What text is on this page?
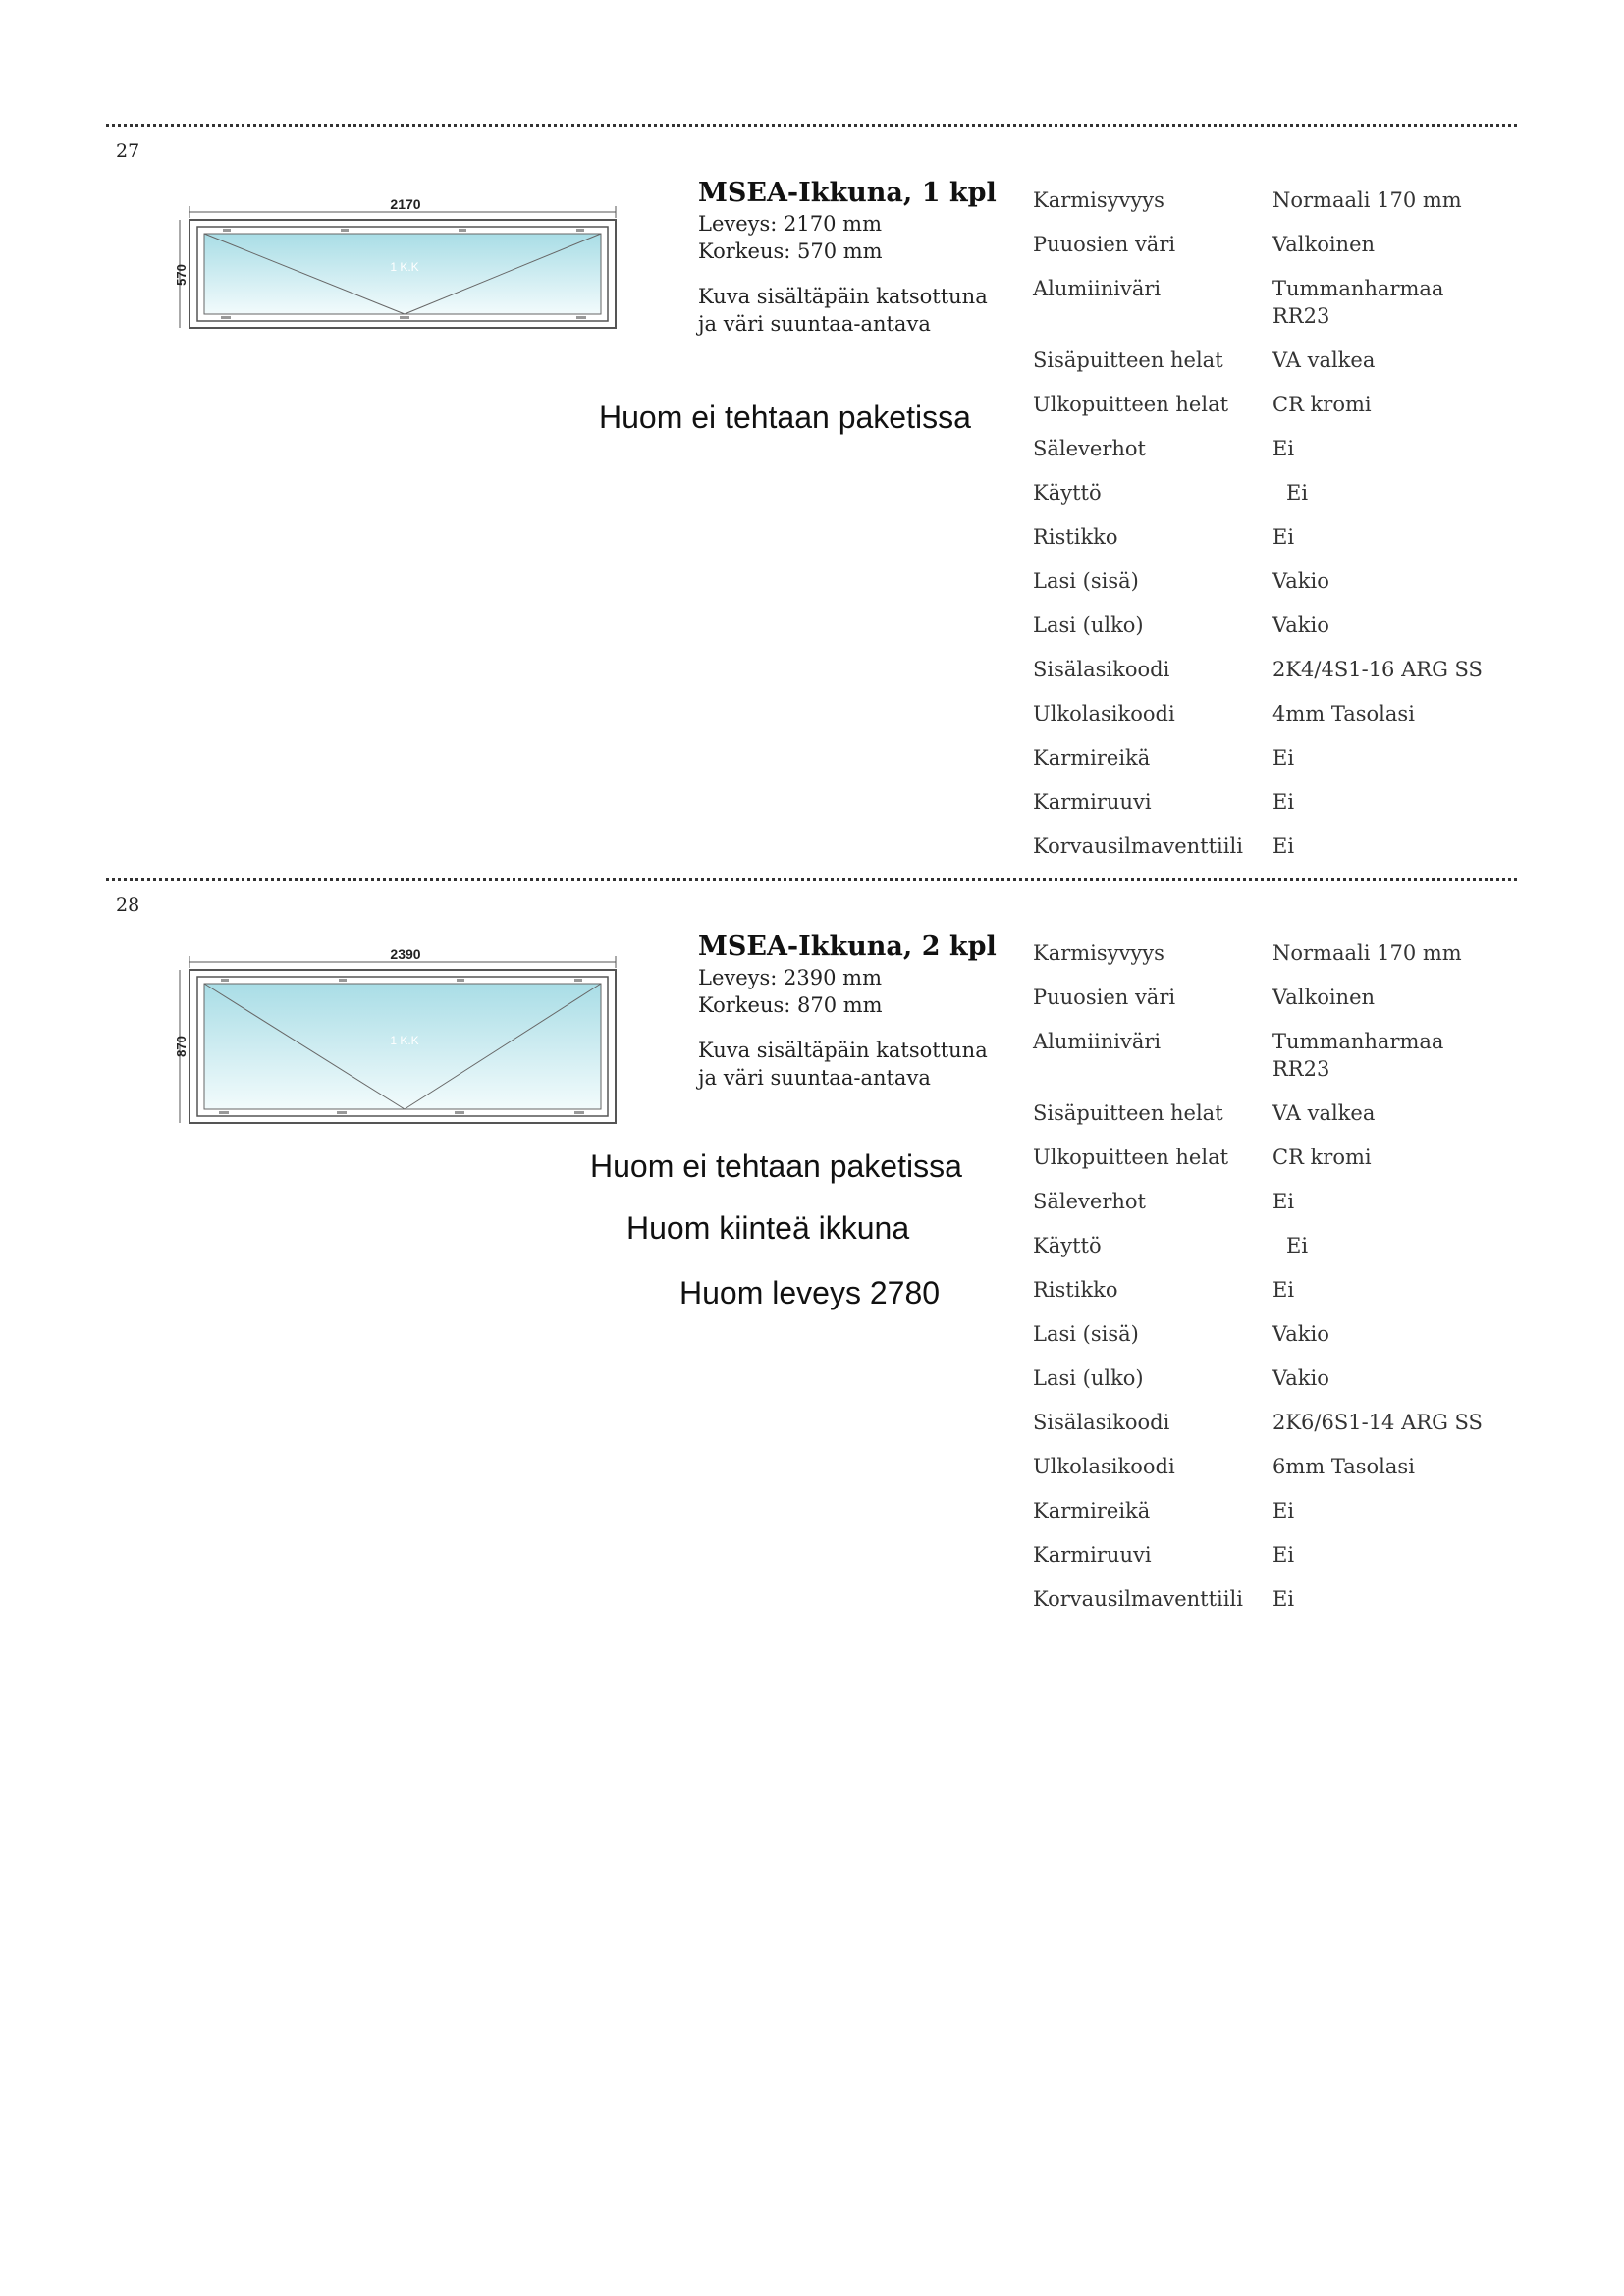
27
2170
570	1 K.K
MSEA-Ikkuna, 1 kpl
Leveys: 2170 mm
Korkeus: 570 mm
Kuva sisältäpäin katsottuna
ja väri suuntaa-antava
Huom ei tehtaan paketissa
Karmisyvyys	Normaali 170 mm
Puuosien väri	Valkoinen
Alumiiniväri	Tummanharmaa RR23
Sisäpuitteen helat	VA valkea
Ulkopuitteen helat	CR kromi
Säleverhot	Ei
Käyttö	Ei
Ristikko	Ei
Lasi (sisä)	Vakio
Lasi (ulko)	Vakio
Sisälasikoodi	2K4/4S1-16 ARG SS
Ulkolasikoodi	4mm Tasolasi
Karmireikä	Ei
Karmiruuvi	Ei
Korvausilmaventtiili	Ei
28
2390
870	1 K.K
MSEA-Ikkuna, 2 kpl
Leveys: 2390 mm
Korkeus: 870 mm
Kuva sisältäpäin katsottuna
ja väri suuntaa-antava
Huom ei tehtaan paketissa
Huom kiinteä ikkuna
Huom leveys 2780
Karmisyvyys	Normaali 170 mm
Puuosien väri	Valkoinen
Alumiiniväri	Tummanharmaa RR23
Sisäpuitteen helat	VA valkea
Ulkopuitteen helat	CR kromi
Säleverhot	Ei
Käyttö	Ei
Ristikko	Ei
Lasi (sisä)	Vakio
Lasi (ulko)	Vakio
Sisälasikoodi	2K6/6S1-14 ARG SS
Ulkolasikoodi	6mm Tasolasi
Karmireikä	Ei
Karmiruuvi	Ei
Korvausilmaventtiili	Ei
